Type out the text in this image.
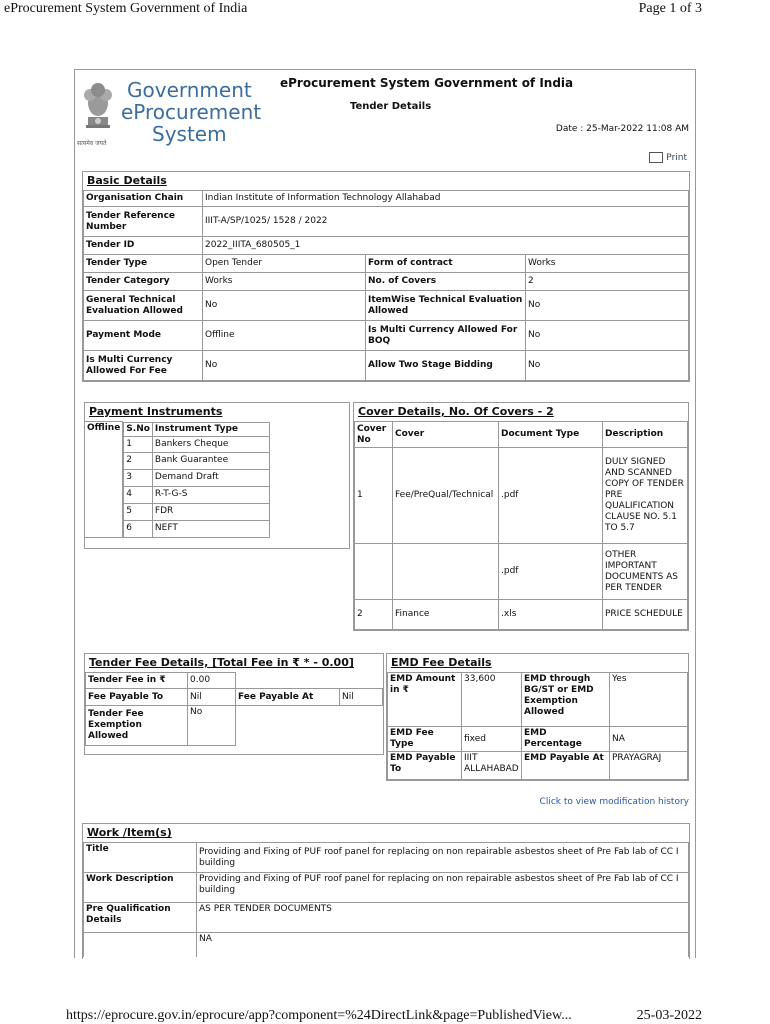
eProcurement System Government of India	Page 1 of 3
Government
eProcurement
System
सत्यमेव जयते
eProcurement System Government of India
Tender Details
Date : 25-Mar-2022 11:08 AM
Print
Basic Details
Organisation Chain	Indian Institute of Information Technology Allahabad		
Tender Reference Number	IIIT-A/SP/1025/ 1528 / 2022		
Tender ID	2022_IIITA_680505_1		
Tender Type	Open Tender	Form of contract	Works
Tender Category	Works	No. of Covers	2
General Technical Evaluation Allowed	No	ItemWise Technical Evaluation Allowed	No
Payment Mode	Offline	Is Multi Currency Allowed For BOQ	No
Is Multi Currency Allowed For Fee	No	Allow Two Stage Bidding	No
Payment Instruments
Offline	S.No	Instrument Type
1	Bankers Cheque
2	Bank Guarantee
3	Demand Draft
4	R-T-G-S
5	FDR
6	NEFT
Cover Details, No. Of Covers - 2
Cover No	Cover	Document Type	Description
1	Fee/PreQual/Technical	.pdf	DULY SIGNED AND SCANNED COPY OF TENDER PRE QUALIFICATION CLAUSE NO. 5.1 TO 5.7
		.pdf	OTHER IMPORTANT DOCUMENTS AS PER TENDER
2	Finance	.xls	PRICE SCHEDULE
Tender Fee Details, [Total Fee in ₹ * - 0.00]
Tender Fee in ₹	0.00		
Fee Payable To	Nil	Fee Payable At	Nil
Tender Fee Exemption Allowed	No		
EMD Fee Details
EMD Amount in ₹	33,600	EMD through BG/ST or EMD Exemption Allowed	Yes
EMD Fee Type	fixed	EMD Percentage	NA
EMD Payable To	IIIT ALLAHABAD	EMD Payable At	PRAYAGRAJ
Click to view modification history
Work /Item(s)
Title	Providing and Fixing of PUF roof panel for replacing on non repairable asbestos sheet of Pre Fab lab of CC I building
Work Description	Providing and Fixing of PUF roof panel for replacing on non repairable asbestos sheet of Pre Fab lab of CC I building
Pre Qualification Details	AS PER TENDER DOCUMENTS
	NA
https://eprocure.gov.in/eprocure/app?component=%24DirectLink&page=PublishedView...	25-03-2022
